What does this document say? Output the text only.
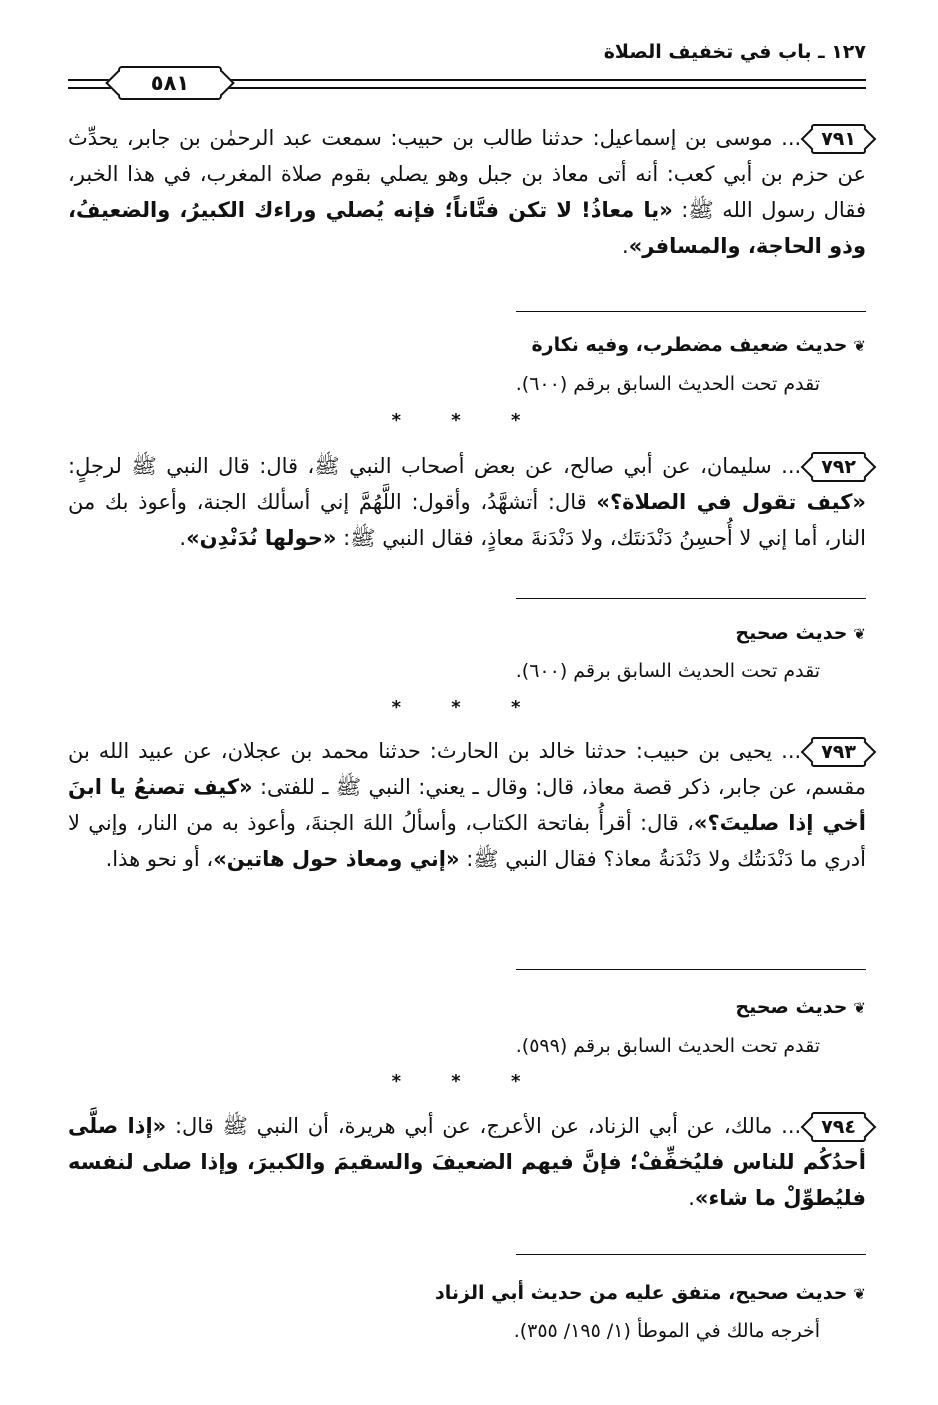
١٢٧ ـ باب في تخفيف الصلاة
٥٨١
٧٩١... موسى بن إسماعيل: حدثنا طالب بن حبيب: سمعت عبد الرحمٰن بن جابر، يحدِّث عن حزم بن أبي كعب: أنه أتى معاذ بن جبل وهو يصلي بقوم صلاة المغرب، في هذا الخبر، فقال رسول الله ﷺ: «يا معاذُ! لا تكن فتَّاناً؛ فإنه يُصلي وراءك الكبيرُ، والضعيفُ، وذو الحاجة، والمسافر».
❦حديث ضعيف مضطرب، وفيه نكارة
تقدم تحت الحديث السابق برقم (٦٠٠).
* * *
٧٩٢... سليمان، عن أبي صالح، عن بعض أصحاب النبي ﷺ، قال: قال النبي ﷺ لرجلٍ: «كيف تقول في الصلاة؟» قال: أتشهَّدُ، وأقول: اللَّهُمَّ إني أسألك الجنة، وأعوذ بك من النار، أما إني لا أُحسِنُ دَنْدَنتَك، ولا دَنْدَنةَ معاذٍ، فقال النبي ﷺ: «حولها نُدَنْدِن».
❦حديث صحيح
تقدم تحت الحديث السابق برقم (٦٠٠).
* * *
٧٩٣... يحيى بن حبيب: حدثنا خالد بن الحارث: حدثنا محمد بن عجلان، عن عبيد الله بن مقسم، عن جابر، ذكر قصة معاذ، قال: وقال ـ يعني: النبي ﷺ ـ للفتى: «كيف تصنعُ يا ابنَ أخي إذا صليتَ؟»، قال: أقرأُ بفاتحة الكتاب، وأسألُ اللهَ الجنةَ، وأعوذ به من النار، وإني لا أدري ما دَنْدَنتُك ولا دَنْدَنةُ معاذ؟ فقال النبي ﷺ: «إني ومعاذ حول هاتين»، أو نحو هذا.
❦حديث صحيح
تقدم تحت الحديث السابق برقم (٥٩٩).
* * *
٧٩٤... مالك، عن أبي الزناد، عن الأعرج، عن أبي هريرة، أن النبي ﷺ قال: «إذا صلَّى أحدُكُم للناس فليُخفِّفْ؛ فإنَّ فيهم الضعيفَ والسقيمَ والكبيرَ، وإذا صلى لنفسه فليُطوِّلْ ما شاء».
❦حديث صحيح، متفق عليه من حديث أبي الزناد
أخرجه مالك في الموطأ (١/ ١٩٥/ ٣٥٥).
